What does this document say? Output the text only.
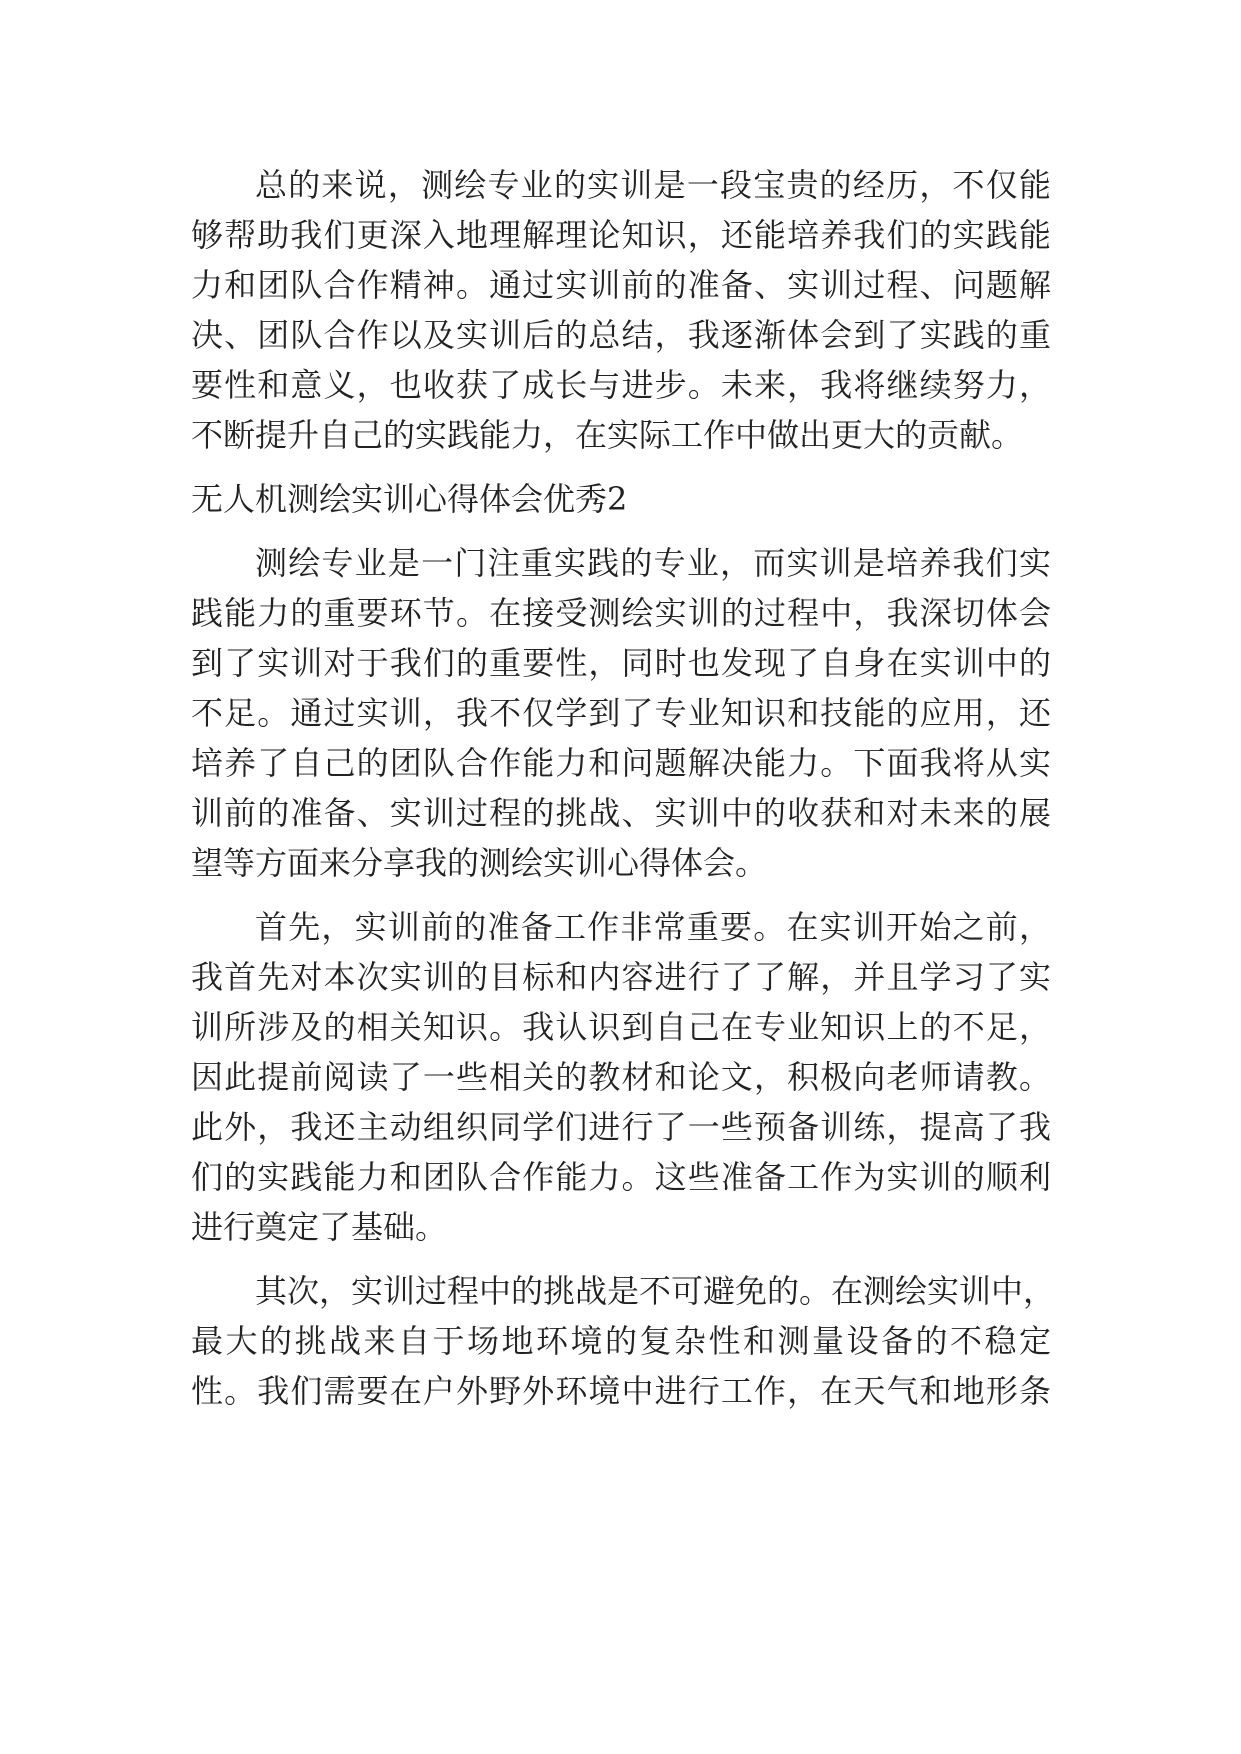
总的来说，测绘专业的实训是一段宝贵的经历，不仅能
够帮助我们更深入地理解理论知识，还能培养我们的实践能
力和团队合作精神。通过实训前的准备、实训过程、问题解
决、团队合作以及实训后的总结，我逐渐体会到了实践的重
要性和意义，也收获了成长与进步。未来，我将继续努力，
不断提升自己的实践能力，在实际工作中做出更大的贡献。
无人机测绘实训心得体会优秀2
测绘专业是一门注重实践的专业，而实训是培养我们实
践能力的重要环节。在接受测绘实训的过程中，我深切体会
到了实训对于我们的重要性，同时也发现了自身在实训中的
不足。通过实训，我不仅学到了专业知识和技能的应用，还
培养了自己的团队合作能力和问题解决能力。下面我将从实
训前的准备、实训过程的挑战、实训中的收获和对未来的展
望等方面来分享我的测绘实训心得体会。
首先，实训前的准备工作非常重要。在实训开始之前，
我首先对本次实训的目标和内容进行了了解，并且学习了实
训所涉及的相关知识。我认识到自己在专业知识上的不足，
因此提前阅读了一些相关的教材和论文，积极向老师请教。
此外，我还主动组织同学们进行了一些预备训练，提高了我
们的实践能力和团队合作能力。这些准备工作为实训的顺利
进行奠定了基础。
其次，实训过程中的挑战是不可避免的。在测绘实训中，
最大的挑战来自于场地环境的复杂性和测量设备的不稳定
性。我们需要在户外野外环境中进行工作，在天气和地形条
